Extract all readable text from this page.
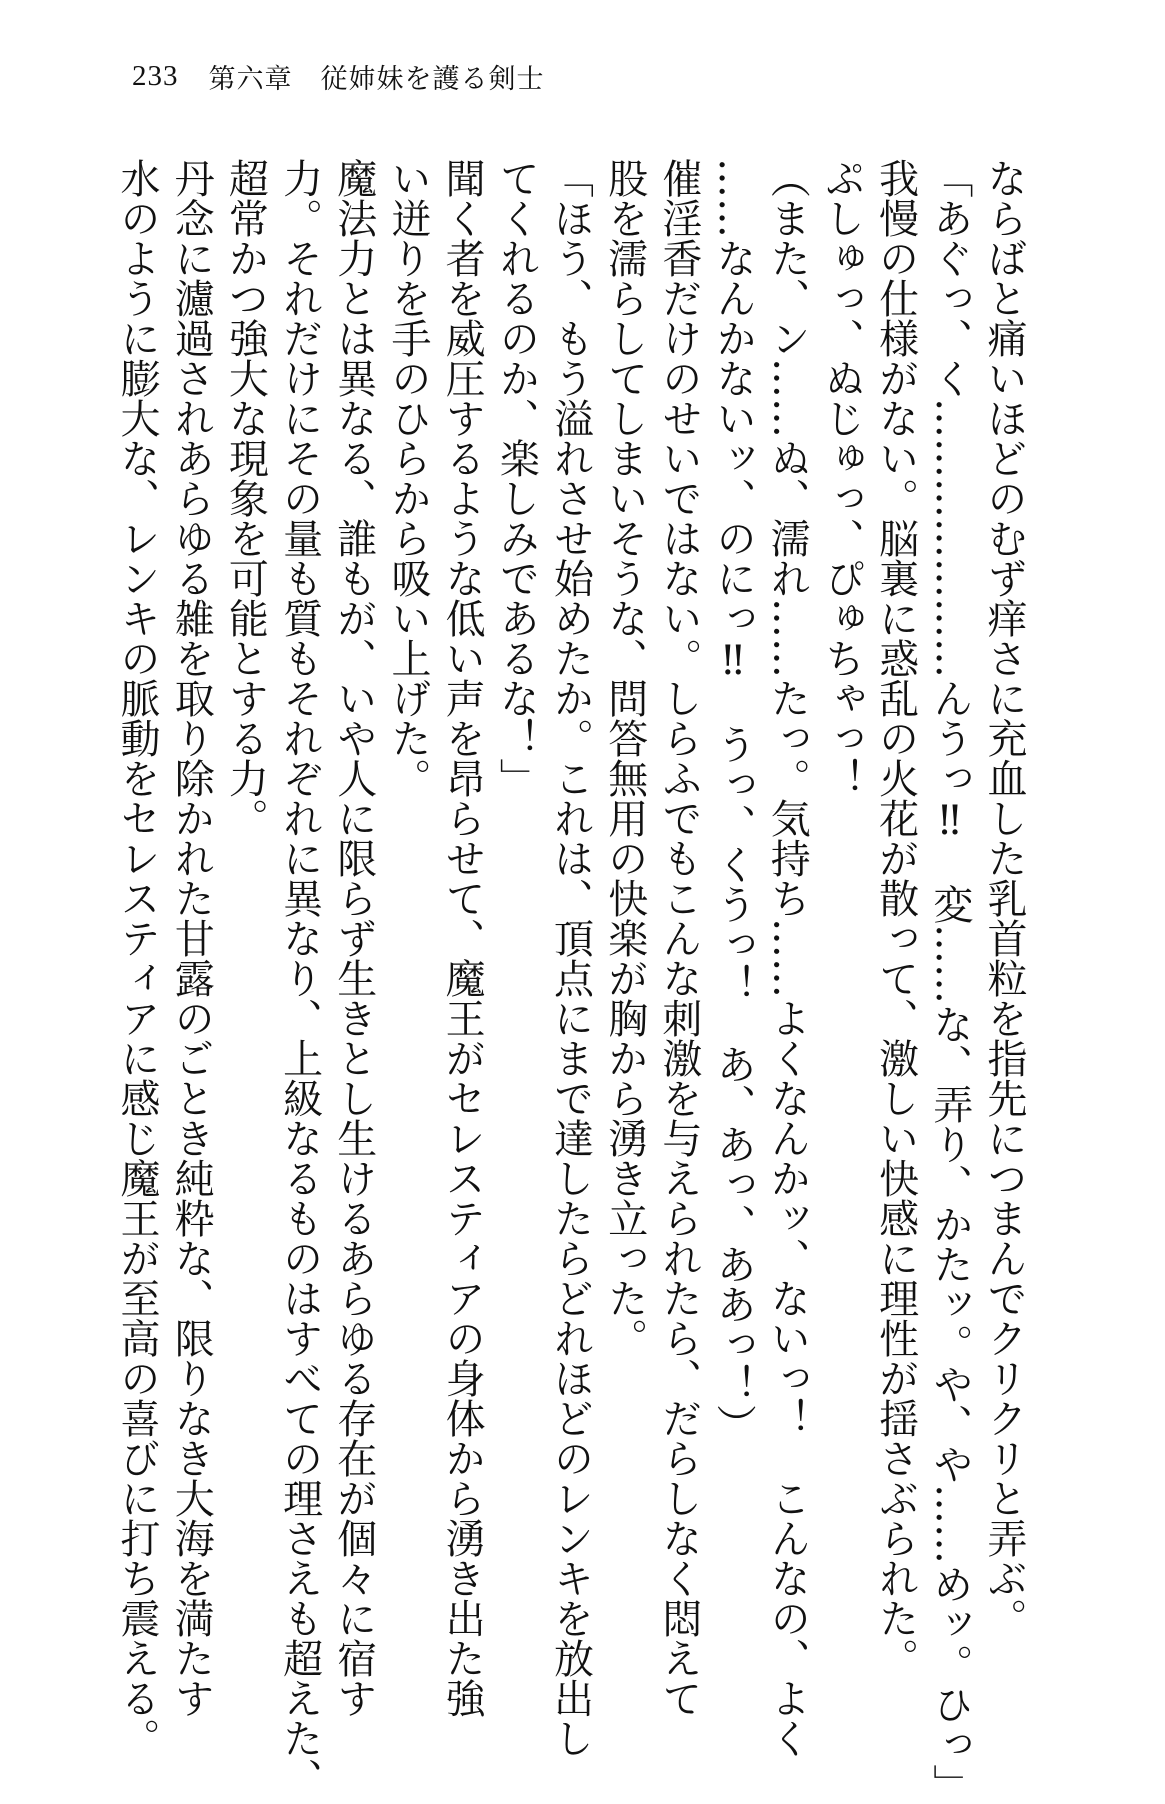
233 第六章　従姉妹を護る剣士
ならばと痛いほどのむず痒さに充血した乳首粒を指先につまんでクリクリと弄ぶ。
「あぐっ、く…………………んうっ‼　変……な、弄り、かたッ。や、や……めッ。ひっ」
我慢の仕様がない。脳裏に惑乱の火花が散って、激しい快感に理性が揺さぶられた。
ぷしゅっ、ぬじゅっ、ぴゅちゃっ！
（また、ン……ぬ、濡れ……たっ。気持ち……よくなんかッ、ないっ！　こんなの、よく
……なんかないッ、のにっ‼　うっ、くうっ！　あ、あっ、ああっ！）
催淫香だけのせいではない。しらふでもこんな刺激を与えられたら、だらしなく悶えて
股を濡らしてしまいそうな、問答無用の快楽が胸から湧き立った。
「ほう、もう溢れさせ始めたか。これは、頂点にまで達したらどれほどのレンキを放出し
てくれるのか、楽しみであるな！」
聞く者を威圧するような低い声を昂らせて、魔王がセレスティアの身体から湧き出た強
い迸りを手のひらから吸い上げた。
魔法力とは異なる、誰もが、いや人に限らず生きとし生けるあらゆる存在が個々に宿す
力。それだけにその量も質もそれぞれに異なり、上級なるものはすべての理さえも超えた、
超常かつ強大な現象を可能とする力。
丹念に濾過されあらゆる雑を取り除かれた甘露のごとき純粋な、限りなき大海を満たす
水のように膨大な、レンキの脈動をセレスティアに感じ魔王が至高の喜びに打ち震える。
